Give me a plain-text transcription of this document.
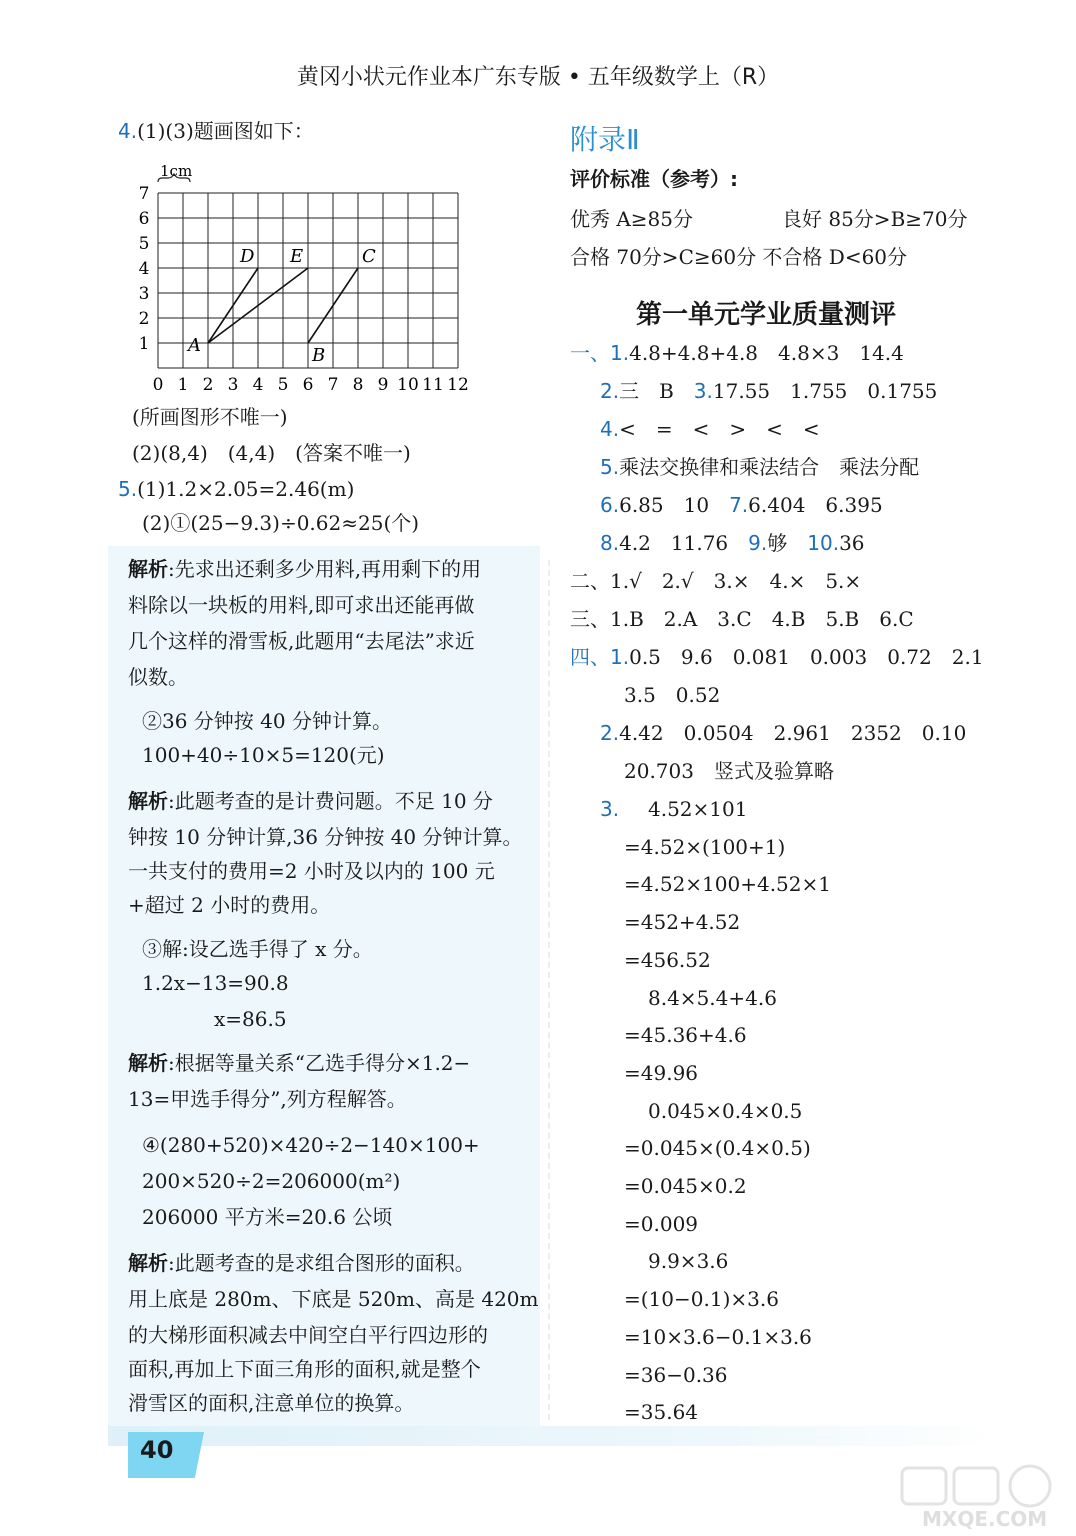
黄冈小状元作业本广东专版 • 五年级数学上（R）
4.(1)(3)题画图如下：
0 1 2 3 4 5 6 7 8 9 10 11 12
1
2
3
4
5
6
7
A	B
C
D E
1cm
(所画图形不唯一)
(2)(8,4)　(4,4)　(答案不唯一)
5.(1)1.2×2.05=2.46(m)
(2)①(25−9.3)÷0.62≈25(个)
解析:先求出还剩多少用料,再用剩下的用
料除以一块板的用料,即可求出还能再做
几个这样的滑雪板,此题用“去尾法”求近
似数。
②36 分钟按 40 分钟计算。
100+40÷10×5=120(元)
解析:此题考查的是计费问题。不足 10 分
钟按 10 分钟计算,36 分钟按 40 分钟计算。
一共支付的费用=2 小时及以内的 100 元
+超过 2 小时的费用。
③解:设乙选手得了 x 分。
1.2x−13=90.8
x=86.5
解析:根据等量关系“乙选手得分×1.2−
13=甲选手得分”,列方程解答。
④(280+520)×420÷2−140×100+
200×520÷2=206000(m²)
206000 平方米=20.6 公顷
解析:此题考查的是求组合图形的面积。
用上底是 280m、下底是 520m、高是 420m
的大梯形面积减去中间空白平行四边形的
面积,再加上下面三角形的面积,就是整个
滑雪区的面积,注意单位的换算。
附录Ⅱ
评价标准（参考）:
优秀 A≥85分	良好 85分>B≥70分
合格 70分>C≥60分 不合格 D<60分
第一单元学业质量测评
一、1.4.8+4.8+4.8　4.8×3　14.4
2.三　B　 3.17.55　1.755　0.1755
4.<　=　<　>　<　<
5.乘法交换律和乘法结合　乘法分配
6.6.85　10　 7.6.404　6.395
8.4.2　11.76　 9.够　 10.36
二、1.√　2.√　3.×　4.×　5.×
三、1.B　2.A　3.C　4.B　5.B　6.C
四、1.0.5　9.6　0.081　0.003　0.72　2.1
3.5　0.52
2.4.42　0.0504　2.961　2352　0.10
20.703　竖式及验算略
3. 4.52×101
=4.52×(100+1)
=4.52×100+4.52×1
=452+4.52
=456.52
8.4×5.4+4.6
=45.36+4.6
=49.96
0.045×0.4×0.5
=0.045×(0.4×0.5)
=0.045×0.2
=0.009
9.9×3.6
=(10−0.1)×3.6
=10×3.6−0.1×3.6
=36−0.36
=35.64
40
MXQE.COM
